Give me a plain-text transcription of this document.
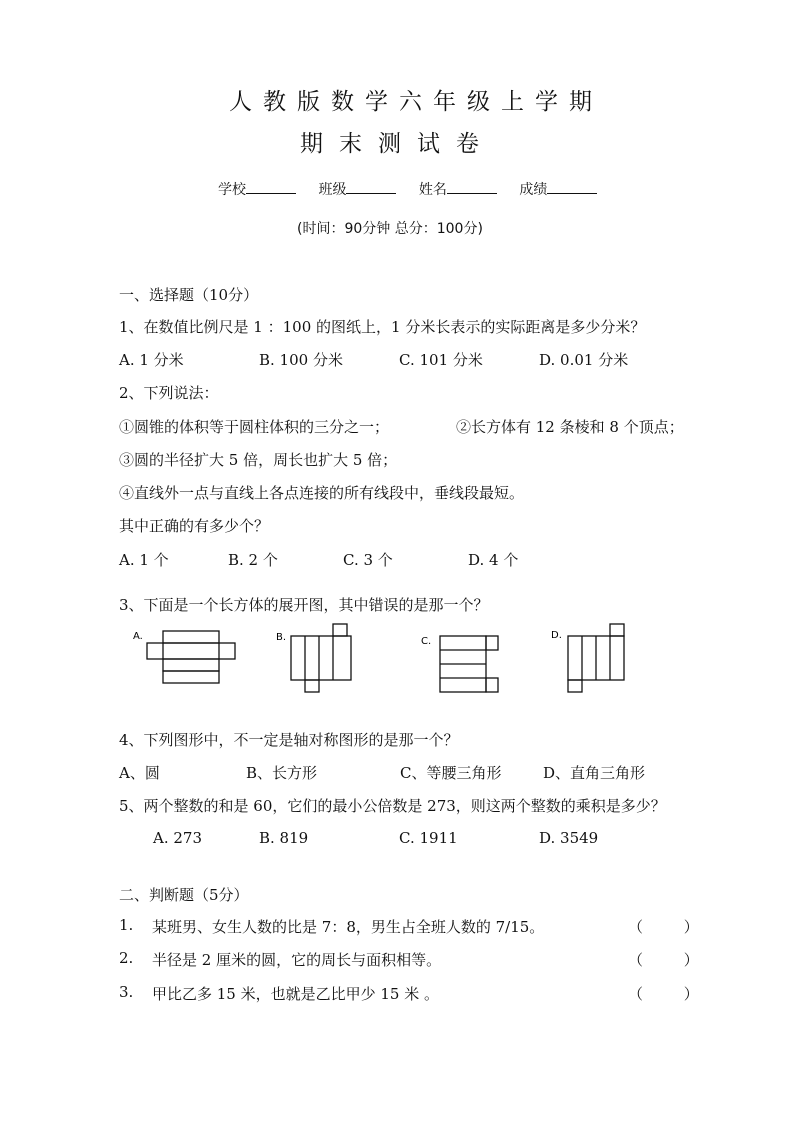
人教版数学六年级上学期
期末测试卷
学校	班级	姓名	成绩
(时间：90分钟 总分：100分)
一、选择题（10分）
1、在数值比例尺是 1 ：100 的图纸上，1 分米长表示的实际距离是多少分米？
A. 1 分米	B. 100 分米	C. 101 分米	D. 0.01 分米
2、下列说法：
①圆锥的体积等于圆柱体积的三分之一；	②长方体有 12 条棱和 8 个顶点；
③圆的半径扩大 5 倍，周长也扩大 5 倍；
④直线外一点与直线上各点连接的所有线段中，垂线段最短。
其中正确的有多少个？
A. 1 个	B. 2 个	C. 3 个	D. 4 个
3、下面是一个长方体的展开图，其中错误的是那一个？
A.	B.	C.
D.
4、下列图形中，不一定是轴对称图形的是那一个？
A、圆	B、长方形	C、等腰三角形	D、直角三角形
5、两个整数的和是 60，它们的最小公倍数是 273，则这两个整数的乘积是多少？
A. 273	B. 819	C. 1911	D. 3549
二、判断题（5分）
1. 某班男、女生人数的比是 7：8，男生占全班人数的 7/15。	（ ）
2. 半径是 2 厘米的圆，它的周长与面积相等。	（ ）
3. 甲比乙多 15 米，也就是乙比甲少 15 米 。	（ ）
